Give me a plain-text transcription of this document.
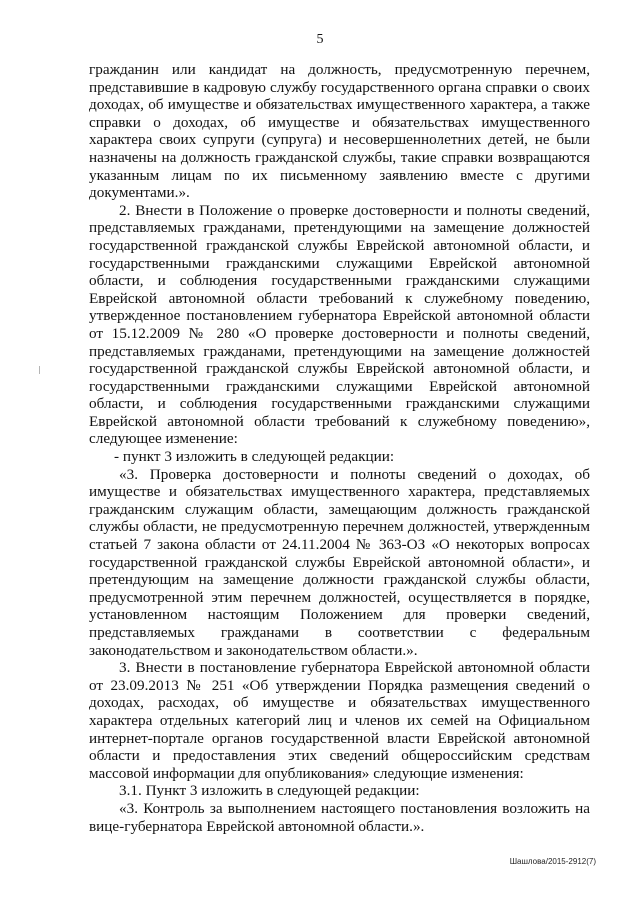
5

гражданин или кандидат на должность, предусмотренную перечнем, представившие в кадровую службу государственного органа справки о своих доходах, об имуществе и обязательствах имущественного характера, а также справки о доходах, об имуществе и обязательствах имущественного характера своих супруги (супруга) и несовершеннолетних детей, не были назначены на должность гражданской службы, такие справки возвращаются указанным лицам по их письменному заявлению вместе с другими документами.».

2. Внести в Положение о проверке достоверности и полноты сведений, представляемых гражданами, претендующими на замещение должностей государственной гражданской службы Еврейской автономной области, и государственными гражданскими служащими Еврейской автономной области, и соблюдения государственными гражданскими служащими Еврейской автономной области требований к служебному поведению, утвержденное постановлением губернатора Еврейской автономной области от 15.12.2009 № 280 «О проверке достоверности и полноты сведений, представляемых гражданами, претендующими на замещение должностей государственной гражданской службы Еврейской автономной области, и государственными гражданскими служащими Еврейской автономной области, и соблюдения государственными гражданскими служащими Еврейской автономной области требований к служебному поведению», следующее изменение:

- пункт 3 изложить в следующей редакции:

«3. Проверка достоверности и полноты сведений о доходах, об имуществе и обязательствах имущественного характера, представляемых гражданским служащим области, замещающим должность гражданской службы области, не предусмотренную перечнем должностей, утвержденным статьей 7 закона области от 24.11.2004 № 363-ОЗ «О некоторых вопросах государственной гражданской службы Еврейской автономной области», и претендующим на замещение должности гражданской службы области, предусмотренной этим перечнем должностей, осуществляется в порядке, установленном настоящим Положением для проверки сведений, представляемых гражданами в соответствии с федеральным законодательством и законодательством области.».

3. Внести в постановление губернатора Еврейской автономной области от 23.09.2013 № 251 «Об утверждении Порядка размещения сведений о доходах, расходах, об имуществе и обязательствах имущественного характера отдельных категорий лиц и членов их семей на Официальном интернет-портале органов государственной власти Еврейской автономной области и предоставления этих сведений общероссийским средствам массовой информации для опубликования» следующие изменения:

3.1. Пункт 3 изложить в следующей редакции:

«3. Контроль за выполнением настоящего постановления возложить на вице-губернатора Еврейской автономной области.».

Шашлова/2015-2912(7)
